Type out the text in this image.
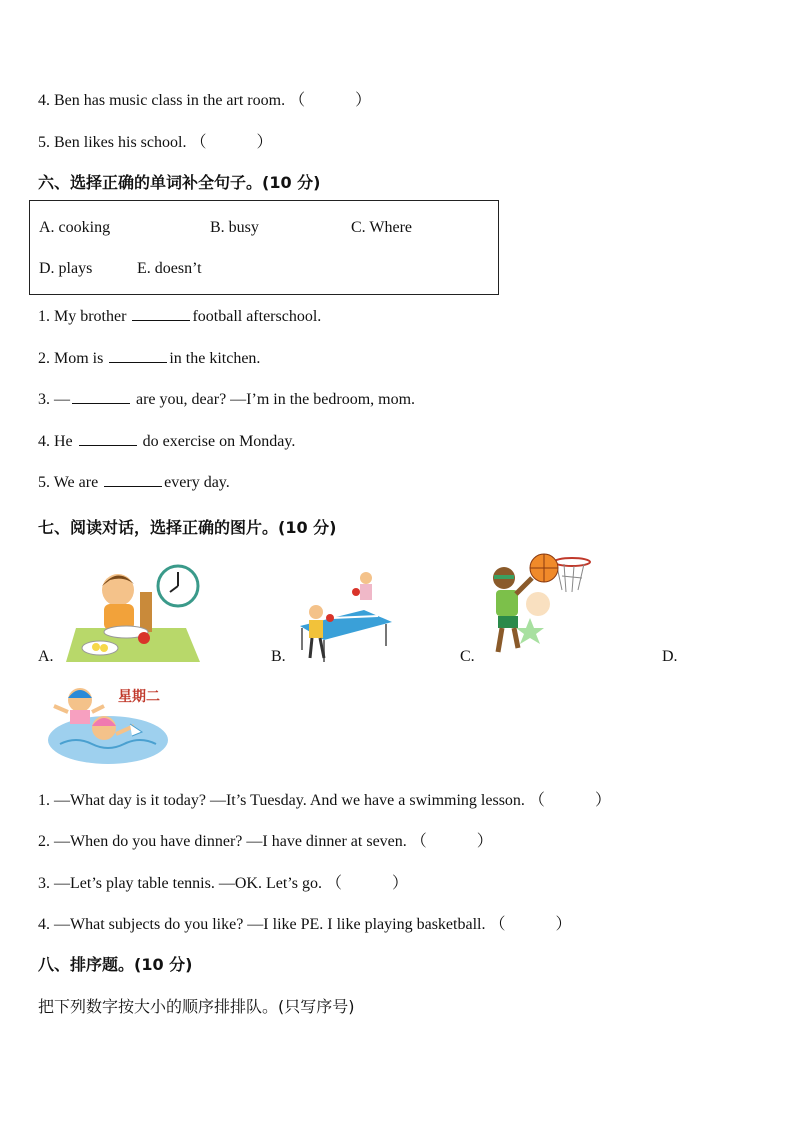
4. Ben has music class in the art room. （	）
5. Ben likes his school. （	）
六、选择正确的单词补全句子。(10 分)
A. cooking	B. busy	C. Where
D. plays	E. doesn’t
1. My brother	football afterschool.
2. Mom is	in the kitchen.
3. —	are you, dear? —I’m in the bedroom, mom.
4. He	do exercise on Monday.
5. We are	every day.
七、阅读对话，选择正确的图片。(10 分)
A.	B.	C.	D.
星期二
1. —What day is it today? —It’s Tuesday. And we have a swimming lesson. （	）
2. —When do you have dinner? —I have dinner at seven. （	）
3. —Let’s play table tennis. —OK. Let’s go. （	）
4. —What subjects do you like? —I like PE. I like playing basketball. （	）
八、排序题。(10 分)
把下列数字按大小的顺序排排队。(只写序号)
